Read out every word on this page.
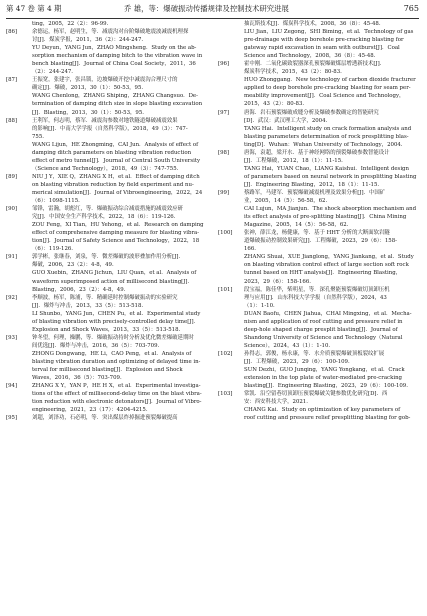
第 47 卷 第 4 期	乔 雄，等：爆破振动传播规律及控制技术研究进展	765
ting，2005，22（2）：96-99.
[86]	余德运，杨军，赵明生，等．减震沟对台阶爆破地震波减震机理探
讨[J]．煤炭学报，2011，36（2）：244-247.
YU Deyun，YANG Jun，ZHAO Mingsheng．Study on the ab-
sorption mechanism of damping bitch to the vibration wave in
bench blasting[J]．Journal of China Coal Society，2011，36
（2）：244-247.
[87]	王振宽，张建宇，张昌锁，边坡爆破开挖中减震沟合理尺寸的
确定[J]．爆破，2013，30（1）：50-53，95.
WANG Chenlong，ZHANG Shiping，ZHANG Changsuo．De-
termination of damping ditch size in slope blasting excavation
[J]．Blasting，2013，30（1）：50-53，95.
[88]	王利军，何志明，蔡军．减震沟参数对地铁隧道爆破减震效果
的影响[J]．中南大学学报（自然科学版），2018，49（3）：747-
755.
WANG Lijun，HE Zhongming，CAI Jun．Analysis of effect of
damping ditch parameters on blasting vibration reduction
effect of metro tunnel[J]．Journal of Central South University
（Science and Technology），2018，49（3）：747-755.
[89]	NIU J Y，XIE Q，ZHANG X H，et al．Effect of damping ditch
on blasting vibration reduction by field experiment and nu-
merical simulation[J]．Journal of Vibroengineering，2022，24
（6）：1098-1115.
[90]	邹锋，雷瀚，胡彪红，等．爆破振动综合减震措施的减震效应研
究[J]．中国安全生产科学技术，2022，18（6）：119-126.
ZOU Feng，XI Tian，HU Yehong，et al．Research on damping
effect of comprehensive damping measure for blasting vibra-
tion[J]．Journal of Safety Science and Technology，2022，18
（6）：119-126.
[91]	郭学彬，张继春，刘泉，等．微差爆破的波形叠加作用分析[J]．
爆破，2006，23（2）：4-8，49.
GUO Xuebin，ZHANG Jichun，LIU Quan，et al．Analysis of
waveform superimposed action of millisecond blasting[J]．
Blasting，2006，23（2）：4-8，49.
[92]	李顺波，杨军，陈浦，等．精确延时控制爆破振动的实验研究
[J]．爆炸与冲击，2013，33（5）：513-518.
LI Shunbo，YANG Jun，CHEN Pu，et al．Experimental study
of blasting vibration with precisely-controlled delay time[J]．
Explosion and Shock Waves，2013，33（5）：513-518.
[93]	钟冬望，何理，操鹏，等．爆破振动持时分析及优化微差爆破延期时
间优选[J]．爆炸与冲击，2016，36（5）：703-709.
ZHONG Dongwang，HE Li，CAO Peng，et al．Analysis of
blasting vibration duration and optimizing of delayed time in-
terval for millisecond blasting[J]．Explosion and Shock
Waves，2016，36（5）：703-709.
[94]	ZHANG X Y，YAN P，HE H X，et al．Experimental investiga-
tions of the effect of millisecond-delay time on the blast vibra-
tion reduction with electronic detonators[J]．Journal of Vibro-
engineering，2021，23（17）：4204-4215.
[95]	刘超，刘泽功，石必明，等．突出煤层炸掉掘进预裂爆破提高
抽瓦斯技术[J]．煤炭科学技术，2008，36（8）：45-48.
LIU Jian，LIU Zegong，SHI Biming，et al．Technology of gas
pre-drainage with deep borehole pre-cracking blasting for
gateway rapid excavation in seam with outburst[J]．Coal
Science and Technology，2008，36（8）：45-48.
[96]	霍中刚．二氧化碳致裂器深孔预裂爆破煤层增透新技术[J]．
煤炭科学技术，2015，43（2）：80-83.
HUO Zhonggang．New technology of carbon dioxide fracturer
applied to deep borehole pre-cracking blasting for seam per-
meability improvement[J]．Coal Science and Technology，
2015，43（2）：80-83.
[97]	唐海．岩石预裂爆破成缝分析及爆破参数确定的智能研究
[D]．武汉：武汉理工大学，2004.
TANG Hai．Intelligent study on crack formation analysis and
blasting parameters determination of rock presplitting blas-
ting[D]．Wuhan：Wuhan University of Technology，2004.
[98]	唐海，袁超，梁开水．基于神经网络的预裂爆破参数智能设计
[J]．工程爆破，2012，18（1）：11-15.
TANG Hai，YUAN Chao，LIANG Kaishui．Intelligent design
of parameters based on neural network in presplitting blasting
[J]．Engineering Blasting，2012，18（1）：11-15.
[99]	蔡路军，马建军．预裂爆破减震机理及效果分析[J]．中国矿
业，2005，14（5）：56-58，62.
CAI Lujun，MA Jianjun．The shock absorption mechanism and
its effect analysis of pre-splitting blasting[J]．China Mining
Magazine，2005，14（5）：56-58，62.
[100]	张神，薛江龙，杨健康，等．基于 HHT 分析的大断面软岩隧
道爆破振动控制效果研究[J]．工程爆破，2023，29（6）：158-
166.
ZHANG Shuai，XUE Jianglong，YANG Jiankang，et al．Study
on blasting vibration control effect of large section soft rock
tunnel based on HHT analysis[J]．Engineering Blasting，
2023，29（6）：158-166.
[101]	段宝福，陈佳华，柴明星，等．深孔聚能预裂爆破切顶卸压机
理与应用[J]．山东科技大学学报（自然科学版），2024，43
（1）：1-10.
DUAN Baofu，CHEN Jiahua，CHAI Mingxing，et al．Mecha-
nism and application of roof cutting and pressure relief in
deep-hole shaped charge presplit blasting[J]．Journal of
Shandong University of Science and Technology（Natural
Science），2024，43（1）：1-10.
[102]	孙得志，郭俊，杨永康，等．水介质预裂爆破顶板裂纹扩展
[J]．工程爆破，2023，29（6）：100-109.
SUN Dezhi，GUO Junqing，YANG Yongkang，et al．Crack
extension in the top plate of water-mediated pre-cracking
blasting[J]．Engineering Blasting，2023，29（6）：100-109.
[103]	常凯．沿空留巷切顶卸压预裂爆破关键参数优化研究[D]．西
安：西安科技大学，2021.
CHANG Kai．Study on optimization of key parameters of
roof cutting and pressure relief presplitting blasting for gob-
